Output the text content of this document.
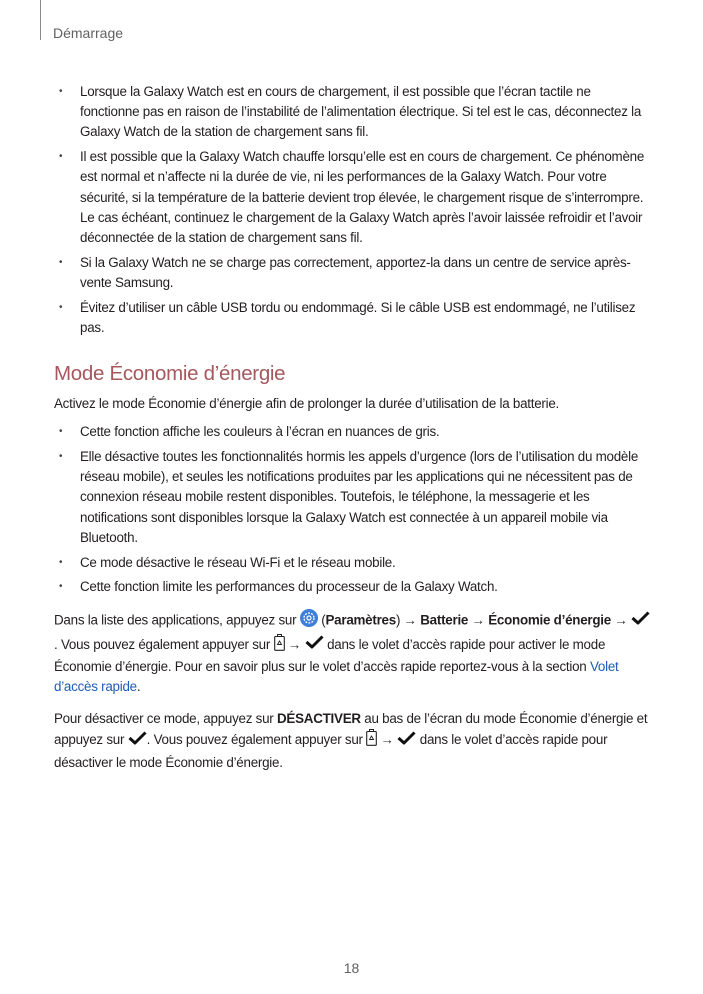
Démarrage
• Lorsque la Galaxy Watch est en cours de chargement, il est possible que l’écran tactile ne fonctionne pas en raison de l’instabilité de l’alimentation électrique. Si tel est le cas, déconnectez la Galaxy Watch de la station de chargement sans fil.
• Il est possible que la Galaxy Watch chauffe lorsqu’elle est en cours de chargement. Ce phénomène est normal et n’affecte ni la durée de vie, ni les performances de la Galaxy Watch. Pour votre sécurité, si la température de la batterie devient trop élevée, le chargement risque de s’interrompre. Le cas échéant, continuez le chargement de la Galaxy Watch après l’avoir laissée refroidir et l’avoir déconnectée de la station de chargement sans fil.
• Si la Galaxy Watch ne se charge pas correctement, apportez-la dans un centre de service après-vente Samsung.
• Évitez d’utiliser un câble USB tordu ou endommagé. Si le câble USB est endommagé, ne l’utilisez pas.
Mode Économie d’énergie

Activez le mode Économie d’énergie afin de prolonger la durée d’utilisation de la batterie.

• Cette fonction affiche les couleurs à l’écran en nuances de gris.
• Elle désactive toutes les fonctionnalités hormis les appels d’urgence (lors de l’utilisation du modèle réseau mobile), et seules les notifications produites par les applications qui ne nécessitent pas de connexion réseau mobile restent disponibles. Toutefois, le téléphone, la messagerie et les notifications sont disponibles lorsque la Galaxy Watch est connectée à un appareil mobile via Bluetooth.
• Ce mode désactive le réseau Wi-Fi et le réseau mobile.
• Cette fonction limite les performances du processeur de la Galaxy Watch.

Dans la liste des applications, appuyez sur  (Paramètres) → Batterie → Économie d’énergie → . Vous pouvez également appuyer sur  →  dans le volet d’accès rapide pour activer le mode Économie d’énergie. Pour en savoir plus sur le volet d’accès rapide reportez-vous à la section Volet d’accès rapide.

Pour désactiver ce mode, appuyez sur DÉSACTIVER au bas de l’écran du mode Économie d’énergie et appuyez sur . Vous pouvez également appuyer sur  →  dans le volet d’accès rapide pour désactiver le mode Économie d’énergie.

18
